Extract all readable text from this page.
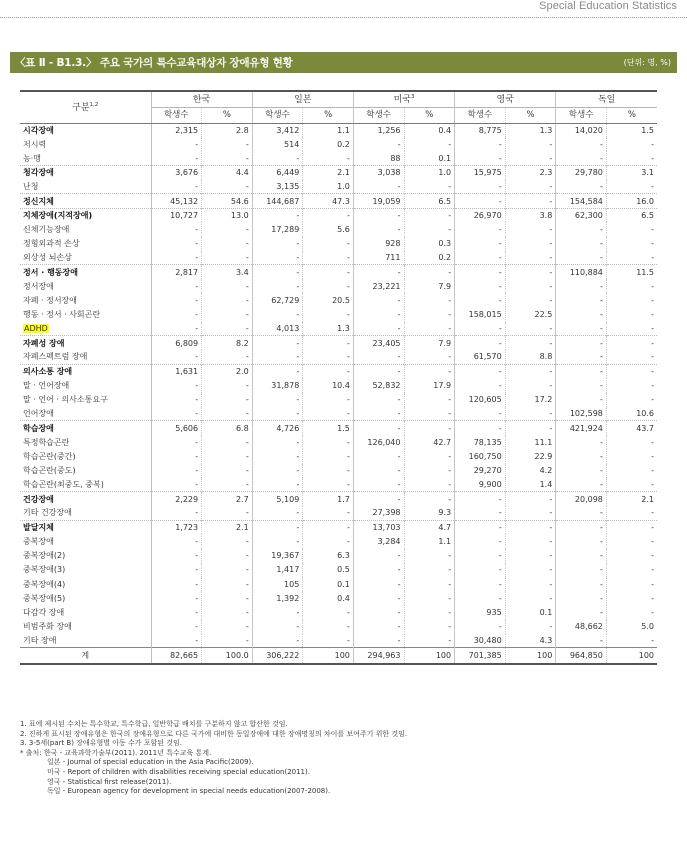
Special Education Statistics
〈표 Ⅱ - B1.3.〉 주요 국가의 특수교육대상자 장애유형 현황	(단위: 명, %)
구분$^{1,2}$	한국		일본		미국$^3$		영국		독일	
	학생수	%	학생수	%	학생수	%	학생수	%	학생수	%
시각장애	2,315	2.8	3,412	1.1	1,256	0.4	8,775	1.3	14,020	1.5
저시력	-	-	514	0.2	-	-	-	-	-	-
농·맹	-	-	-	-	88	0.1	-	-	-	-
청각장애	3,676	4.4	6,449	2.1	3,038	1.0	15,975	2.3	29,780	3.1
난청	-	-	3,135	1.0	-	-	-	-	-	-
정신지체	45,132	54.6	144,687	47.3	19,059	6.5	-	-	154,584	16.0
지체장애(지적장애)	10,727	13.0	-	-	-	-	26,970	3.8	62,300	6.5
신체기능장애	-	-	17,289	5.6	-	-	-	-	-	-
정형외과적 손상	-	-	-	-	928	0.3	-	-	-	-
외상성 뇌손상	-	-	-	-	711	0.2	-	-	-	-
정서 · 행동장애	2,817	3.4	-	-	-	-	-	-	110,884	11.5
정서장애	-	-	-	-	23,221	7.9	-	-	-	-
자폐 · 정서장애	-	-	62,729	20.5	-	-	-	-	-	-
행동 · 정서 · 사회곤란	-	-	-	-	-	-	158,015	22.5	-	-
ADHD	-	-	4,013	1.3	-	-	-	-	-	-
자폐성 장애	6,809	8.2	-	-	23,405	7.9	-	-	-	-
자폐스펙트럼 장애	-	-	-	-	-	-	61,570	8.8	-	-
의사소통 장애	1,631	2.0	-	-	-	-	-	-	-	-
말 · 언어장애	-	-	31,878	10.4	52,832	17.9	-	-	-	-
말 · 언어 · 의사소통요구	-	-	-	-	-	-	120,605	17.2	-	-
언어장애	-	-	-	-	-	-	-	-	102,598	10.6
학습장애	5,606	6.8	4,726	1.5	-	-	-	-	421,924	43.7
특정학습곤란	-	-	-	-	126,040	42.7	78,135	11.1	-	-
학습곤란(중간)	-	-	-	-	-	-	160,750	22.9	-	-
학습곤란(중도)	-	-	-	-	-	-	29,270	4.2	-	-
학습곤란(최중도, 중복)	-	-	-	-	-	-	9,900	1.4	-	-
건강장애	2,229	2.7	5,109	1.7	-	-	-	-	20,098	2.1
기타 건강장애	-	-	-	-	27,398	9.3	-	-	-	-
발달지체	1,723	2.1	-	-	13,703	4.7	-	-	-	-
중복장애	-	-	-	-	3,284	1.1	-	-	-	-
중복장애(2)	-	-	19,367	6.3	-	-	-	-	-	-
중복장애(3)	-	-	1,417	0.5	-	-	-	-	-	-
중복장애(4)	-	-	105	0.1	-	-	-	-	-	-
중복장애(5)	-	-	1,392	0.4	-	-	-	-	-	-
다감각 장애	-	-	-	-	-	-	935	0.1	-	-
비범주화 장애	-	-	-	-	-	-	-	-	48,662	5.0
기타 장애	-	-	-	-	-	-	30,480	4.3	-	-
계	82,665	100.0	306,222	100	294,963	100	701,385	100	964,850	100
1. 표에 제시된 수치는 특수학교, 특수학급, 일반학급 배치를 구분하지 않고 합산한 것임.
2. 진하게 표시된 장애유형은 한국의 장애유형으로 다른 국가에 대비한 동일장애에 대한 장애명칭의 차이를 보여주기 위한 것임.
3. 3-5세(part B) 장애유형별 아동 수가 포함된 것임.
* 출처: 한국 - 교육과학기술부(2011). 2011년 특수교육 통계.
일본 - Journal of special education in the Asia Pacific(2009).
미국 - Report of children with disabilities receiving special education(2011).
영국 - Statistical first release(2011).
독일 - European agency for development in special needs education(2007-2008).
